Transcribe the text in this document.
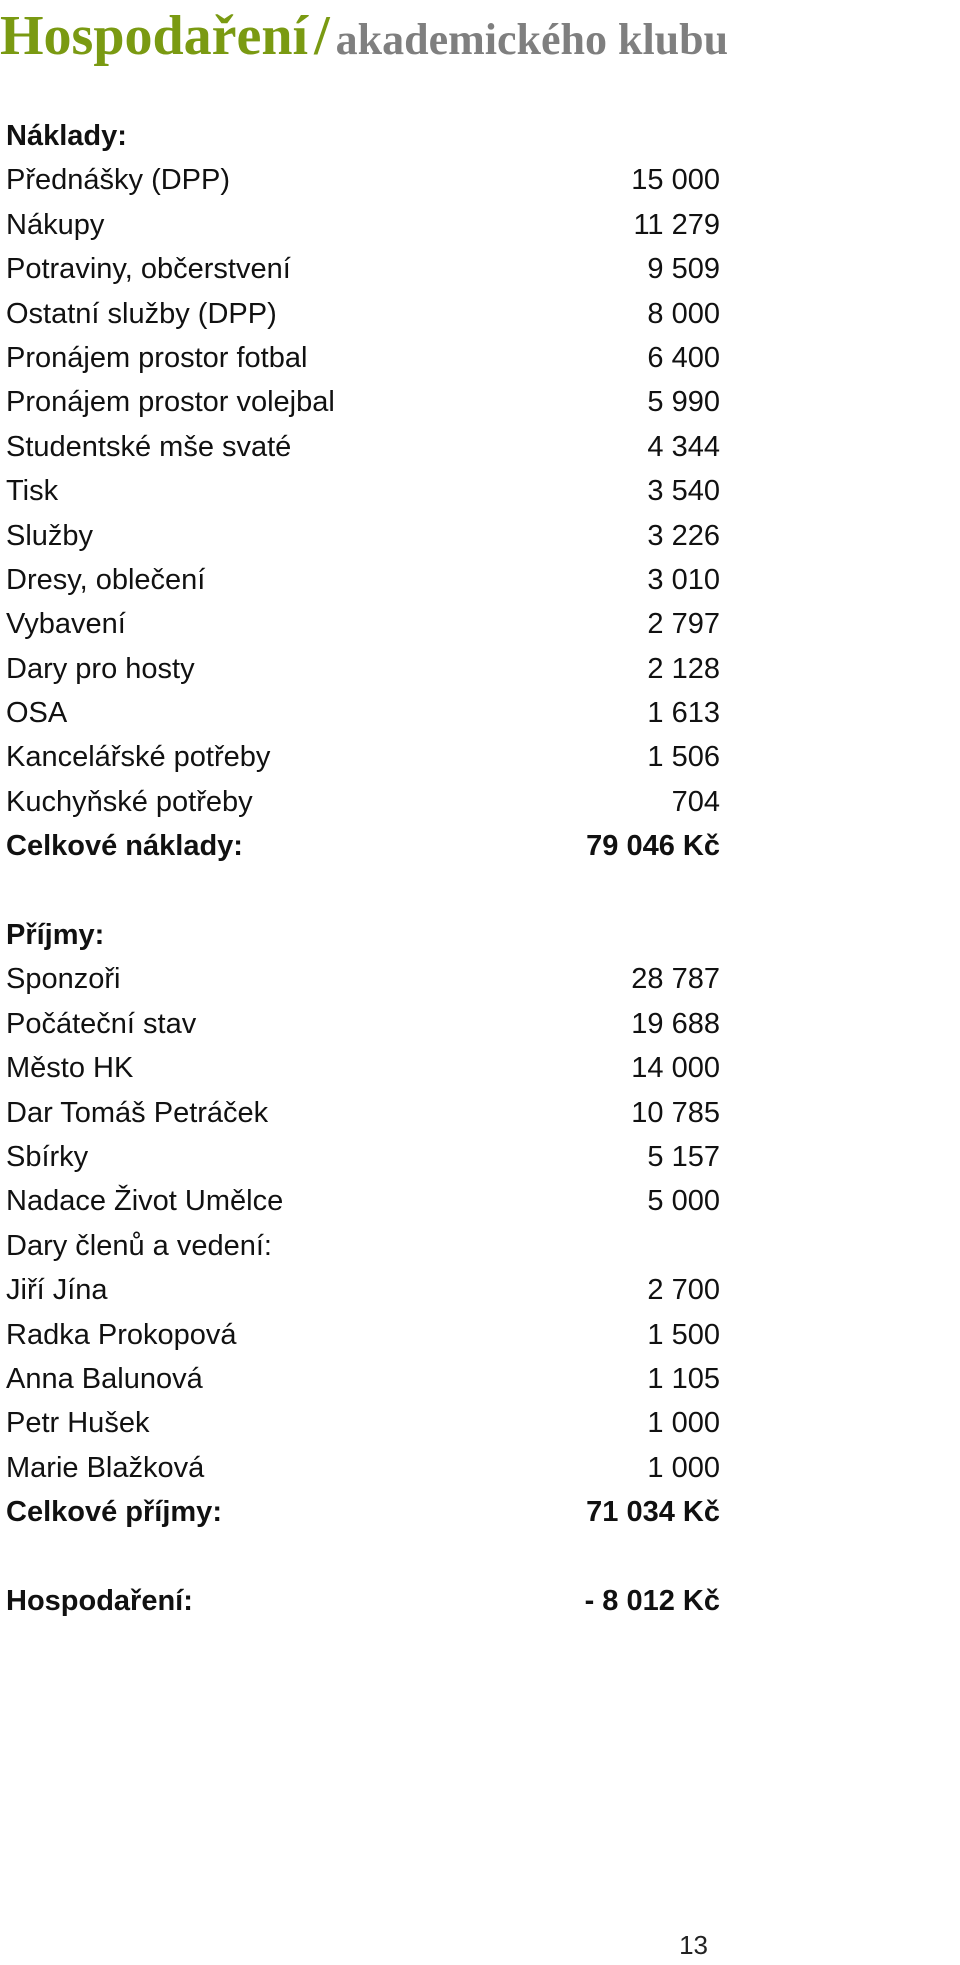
Hospodaření / akademického klubu
Náklady:
Přednášky (DPP)	15 000
Nákupy	11 279
Potraviny, občerstvení	9 509
Ostatní služby (DPP)	8 000
Pronájem prostor fotbal	6 400
Pronájem prostor volejbal	5 990
Studentské mše svaté	4 344
Tisk	3 540
Služby	3 226
Dresy, oblečení	3 010
Vybavení	2 797
Dary pro hosty	2 128
OSA	1 613
Kancelářské potřeby	1 506
Kuchyňské potřeby	704
Celkové náklady:	79 046 Kč
Příjmy:
Sponzoři	28 787
Počáteční stav	19 688
Město HK	14 000
Dar Tomáš Petráček	10 785
Sbírky	5 157
Nadace Život Umělce	5 000
Dary členů a vedení:
Jiří Jína	2 700
Radka Prokopová	1 500
Anna Balunová	1 105
Petr Hušek	1 000
Marie Blažková	1 000
Celkové příjmy:	71 034 Kč
Hospodaření:	- 8 012 Kč
13
